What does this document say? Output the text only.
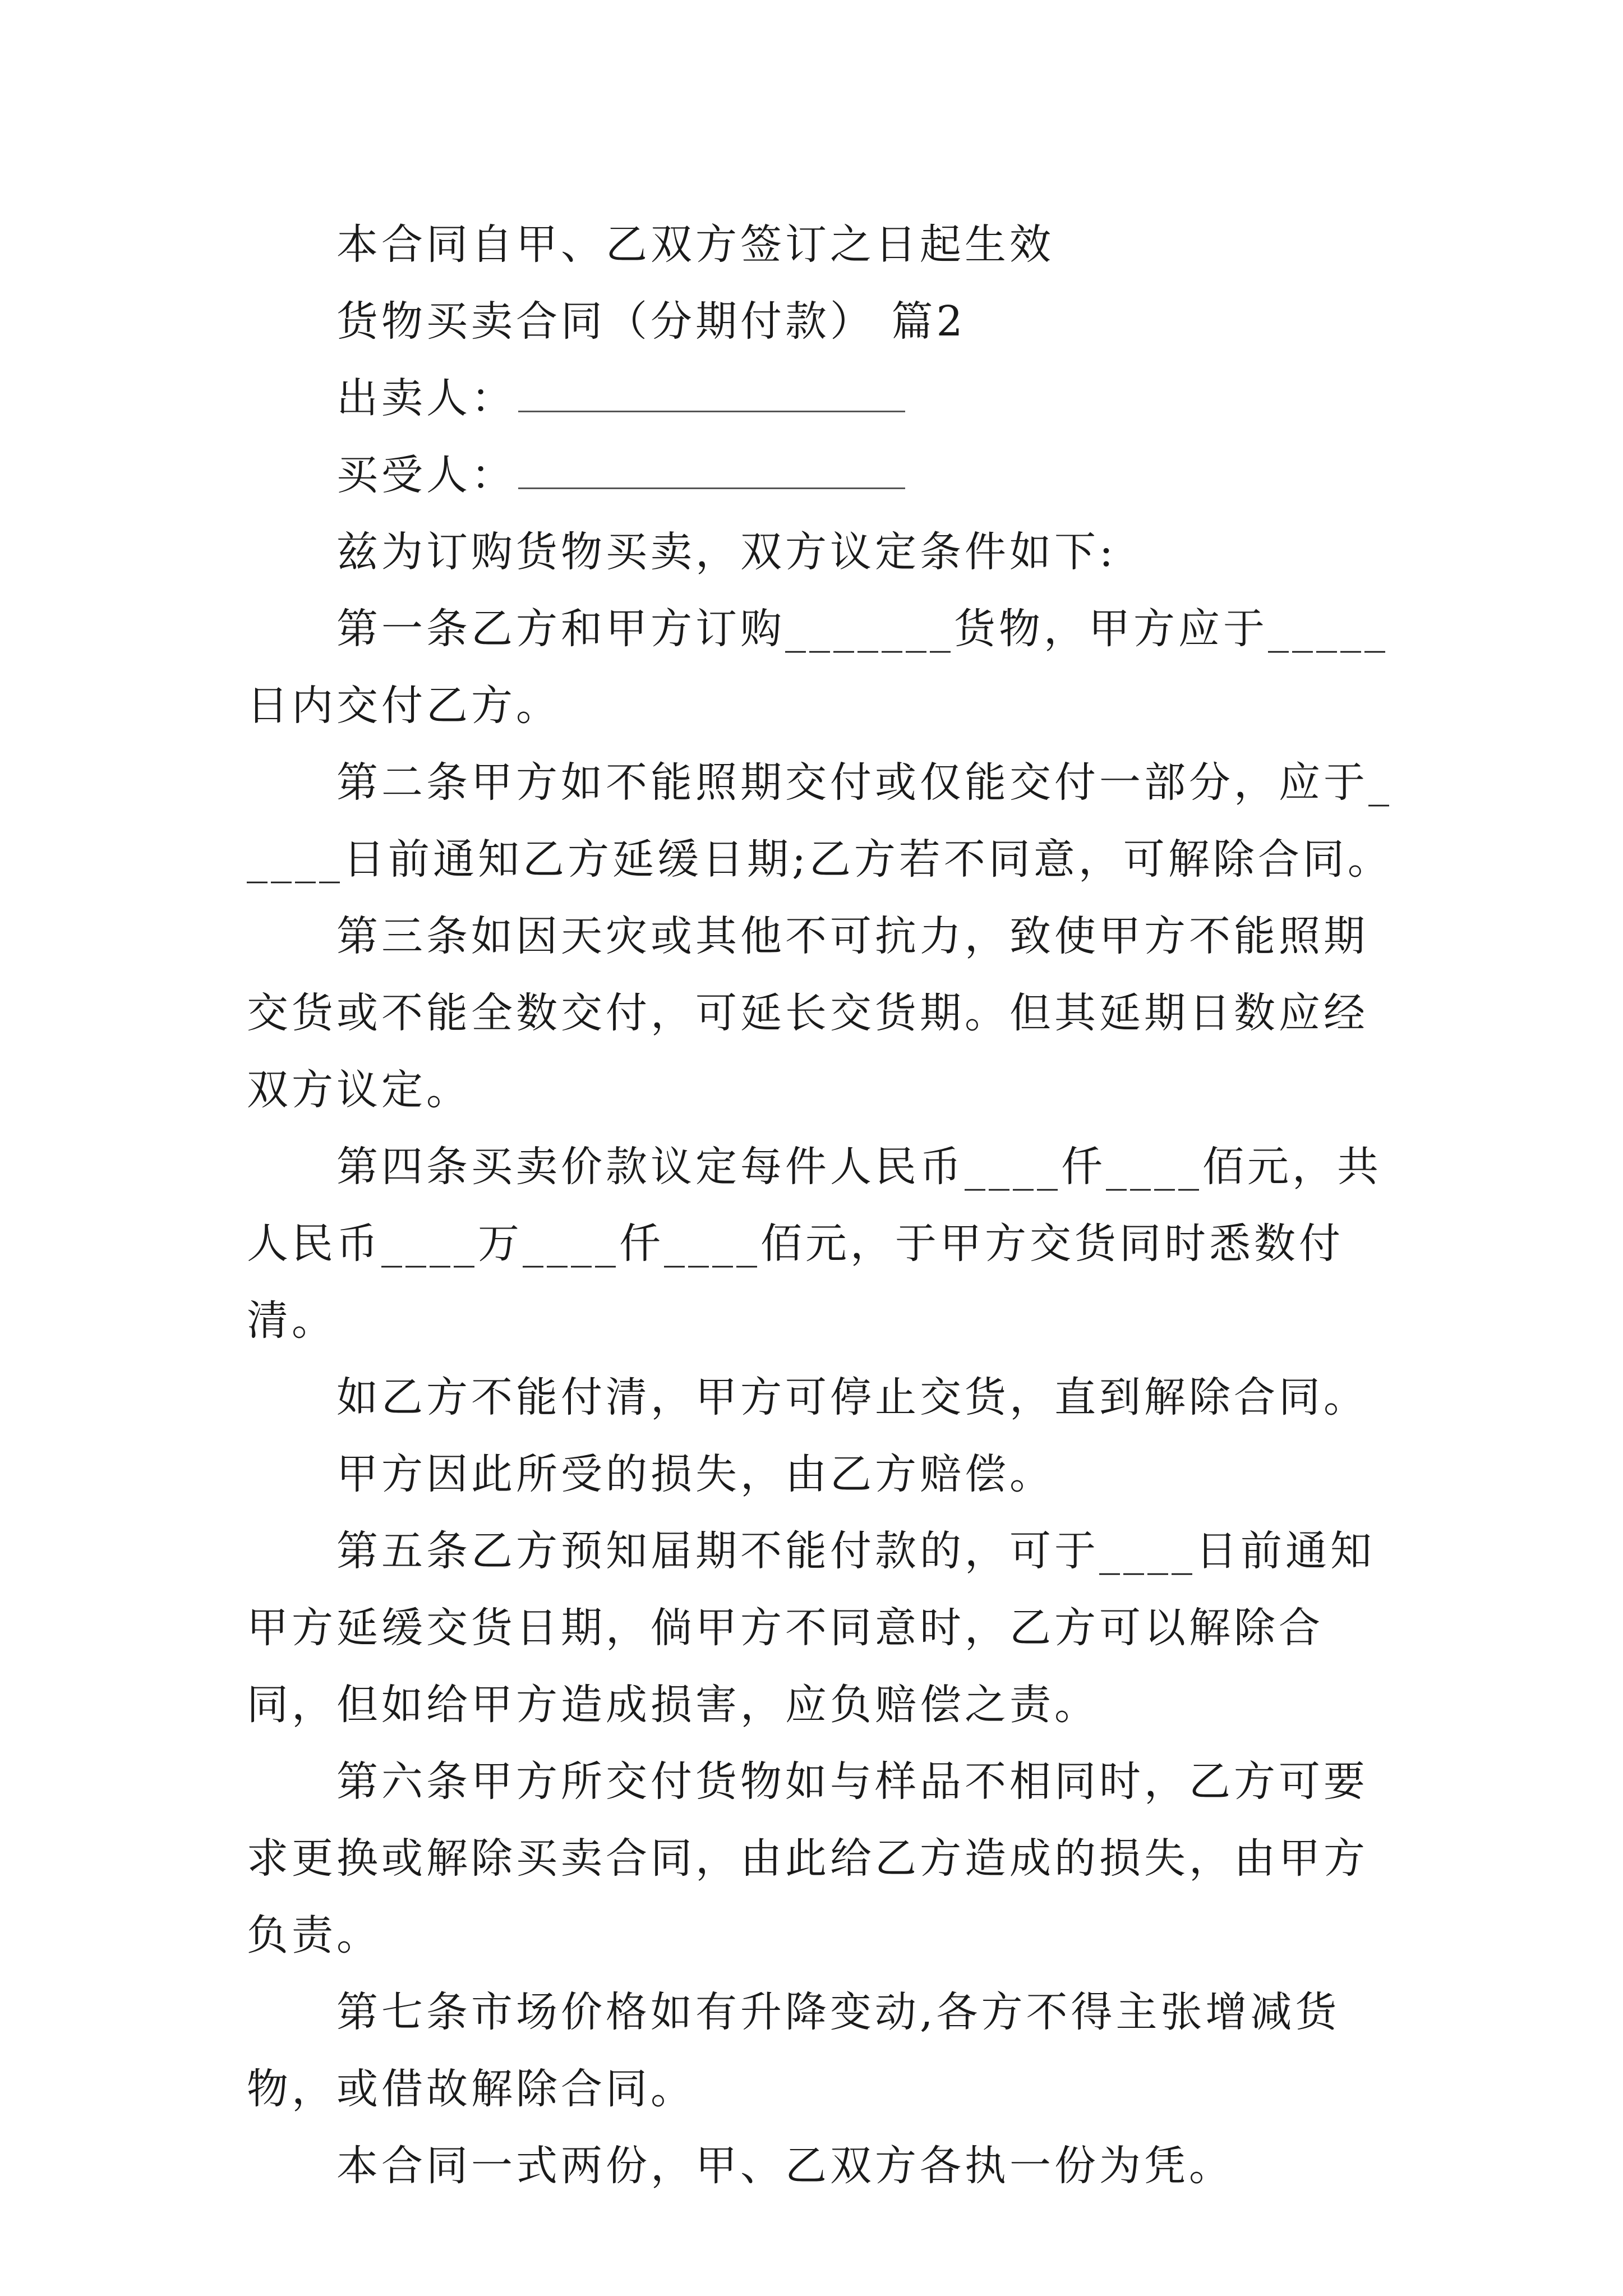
本合同自甲、乙双方签订之日起生效

货物买卖合同（分期付款） 篇2

出卖人：

买受人：

兹为订购货物买卖，双方议定条件如下:

第一条乙方和甲方订购_______货物，甲方应于_____日内交付乙方。

第二条甲方如不能照期交付或仅能交付一部分，应于_____日前通知乙方延缓日期;乙方若不同意，可解除合同。

第三条如因天灾或其他不可抗力，致使甲方不能照期交货或不能全数交付，可延长交货期。但其延期日数应经双方议定。

第四条买卖价款议定每件人民币____仟____佰元，共人民币____万____仟____佰元，于甲方交货同时悉数付清。

如乙方不能付清，甲方可停止交货，直到解除合同。

甲方因此所受的损失，由乙方赔偿。

第五条乙方预知届期不能付款的，可于____日前通知甲方延缓交货日期，倘甲方不同意时，乙方可以解除合同，但如给甲方造成损害，应负赔偿之责。

第六条甲方所交付货物如与样品不相同时，乙方可要求更换或解除买卖合同，由此给乙方造成的损失，由甲方负责。

第七条市场价格如有升降变动,各方不得主张增减货物，或借故解除合同。

本合同一式两份，甲、乙双方各执一份为凭。
